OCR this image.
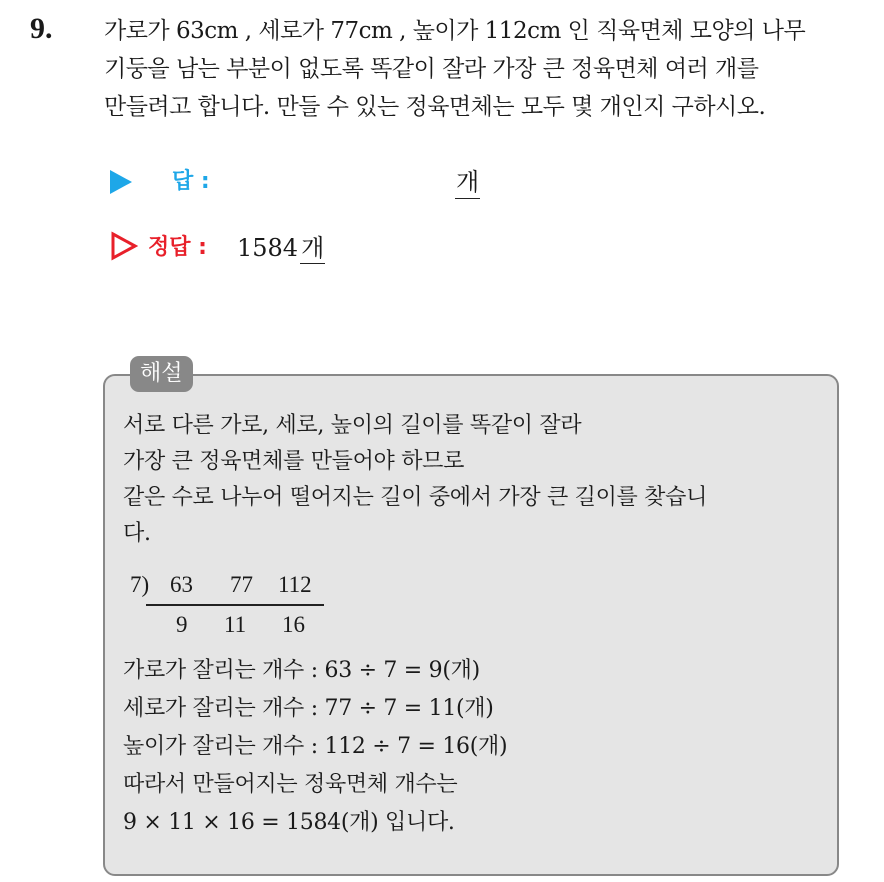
9. 가로가 63cm , 세로가 77cm , 높이가 112cm 인 직육면체 모양의 나무
기둥을 남는 부분이 없도록 똑같이 잘라 가장 큰 정육면체 여러 개를
만들려고 합니다. 만들 수 있는 정육면체는 모두 몇 개인지 구하시오.
답 :	개
정답 : 1584 개
해설
서로 다른 가로, 세로, 높이의 길이를 똑같이 잘라
가장 큰 정육면체를 만들어야 하므로
같은 수로 나누어 떨어지는 길이 중에서 가장 큰 길이를 찾습니
다.
7) 63 77 112
9 11 16
가로가 잘리는 개수 : 63 ÷ 7 = 9(개)
세로가 잘리는 개수 : 77 ÷ 7 = 11(개)
높이가 잘리는 개수 : 112 ÷ 7 = 16(개)
따라서 만들어지는 정육면체 개수는
9 × 11 × 16 = 1584(개) 입니다.
